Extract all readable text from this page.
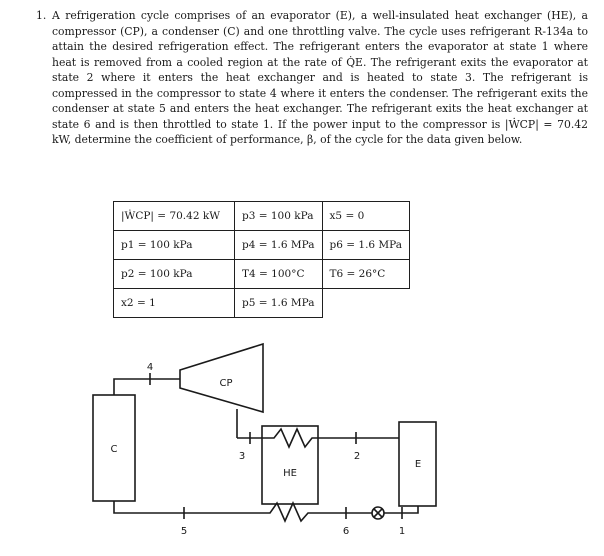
1. A refrigeration cycle comprises of an evaporator (E), a well-insulated heat exchanger (HE), a compressor (CP), a condenser (C) and one throttling valve. The cycle uses refrigerant R-134a to attain the desired refrigeration effect. The refrigerant enters the evaporator at state 1 where heat is removed from a cooled region at the rate of Q̇E. The refrigerant exits the evaporator at state 2 where it enters the heat exchanger and is heated to state 3. The refrigerant is compressed in the compressor to state 4 where it enters the condenser. The refrigerant exits the condenser at state 5 and enters the heat exchanger. The refrigerant exits the heat exchanger at state 6 and is then throttled to state 1. If the power input to the compressor is |ẆCP| = 70.42 kW, determine the coefficient of performance, β, of the cycle for the data given below.
|ẆCP| = 70.42 kW	p3 = 100 kPa	x5 = 0
p1 = 100 kPa	p4 = 1.6 MPa	p6 = 1.6 MPa
p2 = 100 kPa	T4 = 100°C	T6 = 26°C
x2 = 1	p5 = 1.6 MPa	
C
CP
HE
E
4
3	2
5	6	1
